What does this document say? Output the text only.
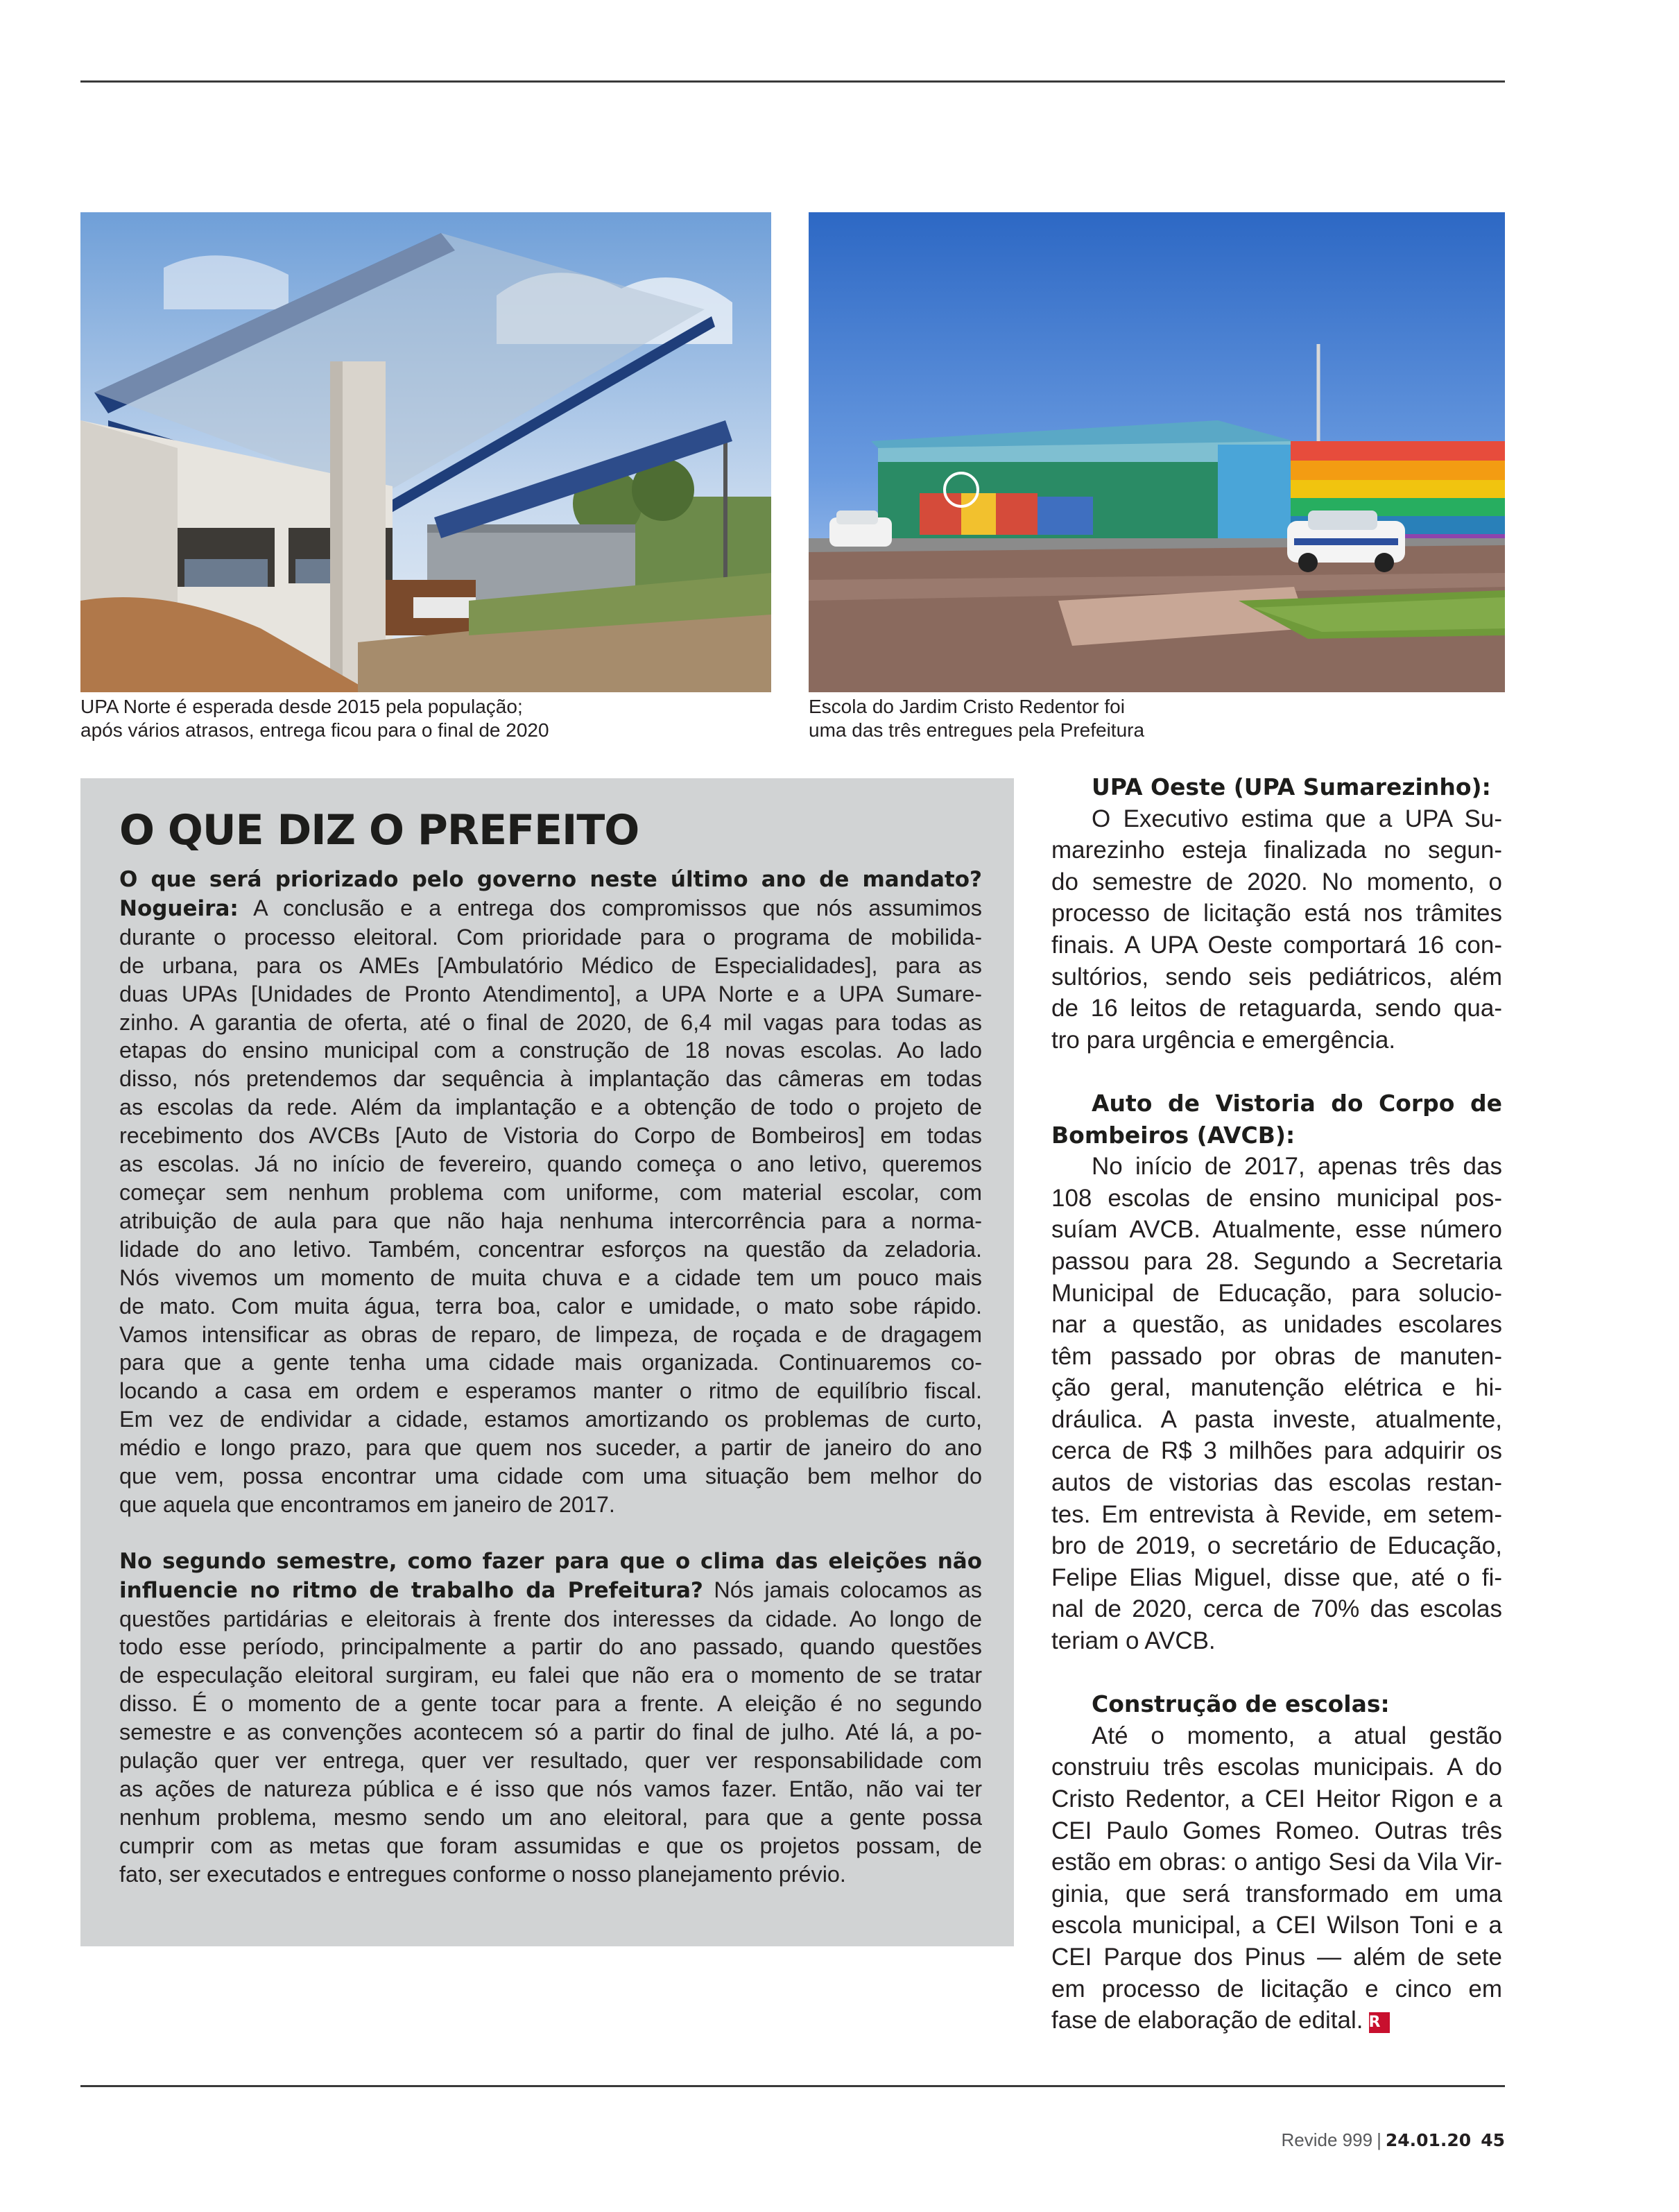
UPA Norte é esperada desde 2015 pela população;
após vários atrasos, entrega ficou para o final de 2020
Escola do Jardim Cristo Redentor foi
uma das três entregues pela Prefeitura
O QUE DIZ O PREFEITO
O que será priorizado pelo governo neste último ano de mandato?
Nogueira: A conclusão e a entrega dos compromissos que nós assumimos
durante o processo eleitoral. Com prioridade para o programa de mobilida-
de urbana, para os AMEs [Ambulatório Médico de Especialidades], para as
duas UPAs [Unidades de Pronto Atendimento], a UPA Norte e a UPA Sumare-
zinho. A garantia de oferta, até o final de 2020, de 6,4 mil vagas para todas as
etapas do ensino municipal com a construção de 18 novas escolas. Ao lado
disso, nós pretendemos dar sequência à implantação das câmeras em todas
as escolas da rede. Além da implantação e a obtenção de todo o projeto de
recebimento dos AVCBs [Auto de Vistoria do Corpo de Bombeiros] em todas
as escolas. Já no início de fevereiro, quando começa o ano letivo, queremos
começar sem nenhum problema com uniforme, com material escolar, com
atribuição de aula para que não haja nenhuma intercorrência para a norma-
lidade do ano letivo. Também, concentrar esforços na questão da zeladoria.
Nós vivemos um momento de muita chuva e a cidade tem um pouco mais
de mato. Com muita água, terra boa, calor e umidade, o mato sobe rápido.
Vamos intensificar as obras de reparo, de limpeza, de roçada e de dragagem
para que a gente tenha uma cidade mais organizada. Continuaremos co-
locando a casa em ordem e esperamos manter o ritmo de equilíbrio fiscal.
Em vez de endividar a cidade, estamos amortizando os problemas de curto,
médio e longo prazo, para que quem nos suceder, a partir de janeiro do ano
que vem, possa encontrar uma cidade com uma situação bem melhor do
que aquela que encontramos em janeiro de 2017.
No segundo semestre, como fazer para que o clima das eleições não
influencie no ritmo de trabalho da Prefeitura? Nós jamais colocamos as
questões partidárias e eleitorais à frente dos interesses da cidade. Ao longo de
todo esse período, principalmente a partir do ano passado, quando questões
de especulação eleitoral surgiram, eu falei que não era o momento de se tratar
disso. É o momento de a gente tocar para a frente. A eleição é no segundo
semestre e as convenções acontecem só a partir do final de julho. Até lá, a po-
pulação quer ver entrega, quer ver resultado, quer ver responsabilidade com
as ações de natureza pública e é isso que nós vamos fazer. Então, não vai ter
nenhum problema, mesmo sendo um ano eleitoral, para que a gente possa
cumprir com as metas que foram assumidas e que os projetos possam, de
fato, ser executados e entregues conforme o nosso planejamento prévio.
UPA Oeste (UPA Sumarezinho):
O Executivo estima que a UPA Su-
marezinho esteja finalizada no segun-
do semestre de 2020. No momento, o
processo de licitação está nos trâmites
finais. A UPA Oeste comportará 16 con-
sultórios, sendo seis pediátricos, além
de 16 leitos de retaguarda, sendo qua-
tro para urgência e emergência.
Auto de Vistoria do Corpo de
Bombeiros (AVCB):
No início de 2017, apenas três das
108 escolas de ensino municipal pos-
suíam AVCB. Atualmente, esse número
passou para 28. Segundo a Secretaria
Municipal de Educação, para solucio-
nar a questão, as unidades escolares
têm passado por obras de manuten-
ção geral, manutenção elétrica e hi-
dráulica. A pasta investe, atualmente,
cerca de R$ 3 milhões para adquirir os
autos de vistorias das escolas restan-
tes. Em entrevista à Revide, em setem-
bro de 2019, o secretário de Educação,
Felipe Elias Miguel, disse que, até o fi-
nal de 2020, cerca de 70% das escolas
teriam o AVCB.
Construção de escolas:
Até o momento, a atual gestão
construiu três escolas municipais. A do
Cristo Redentor, a CEI Heitor Rigon e a
CEI Paulo Gomes Romeo. Outras três
estão em obras: o antigo Sesi da Vila Vir-
ginia, que será transformado em uma
escola municipal, a CEI Wilson Toni e a
CEI Parque dos Pinus — além de sete
em processo de licitação e cinco em
fase de elaboração de edital. R
Revide 999 | 24.01.20 45
